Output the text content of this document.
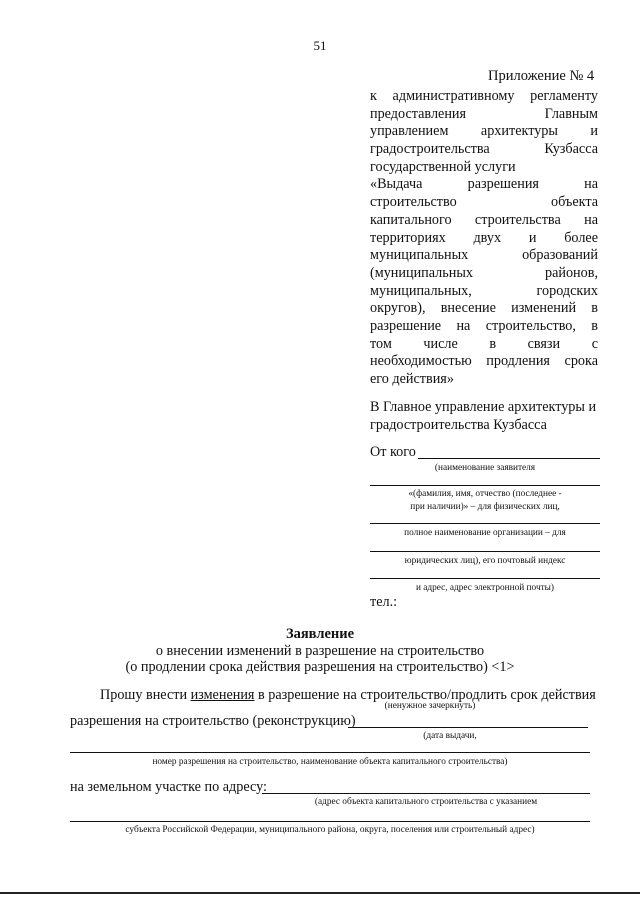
51
Приложение № 4
к административному регламенту
предоставления Главным
управлением архитектуры и
градостроительства Кузбасса
государственной услуги
«Выдача разрешения на
строительство объекта
капитального строительства на
территориях двух и более
муниципальных образований
(муниципальных районов,
муниципальных, городских
округов), внесение изменений в
разрешение на строительство, в
том числе в связи с
необходимостью продления срока
его действия»
В Главное управление архитектуры и градостроительства Кузбасса
От кого
(наименование заявителя
«(фамилия, имя, отчество (последнее -
при наличии)» – для физических лиц,
полное наименование организации – для
юридических лиц), его почтовый индекс
и адрес, адрес электронной почты)
тел.:
Заявление
о внесении изменений в разрешение на строительство
(о продлении срока действия разрешения на строительство) <1>
Прошу внести изменения в разрешение на строительство/продлить срок действия
(ненужное зачеркнуть)
разрешения на строительство (реконструкцию)
(дата выдачи,
номер разрешения на строительство, наименование объекта капитального строительства)
на земельном участке по адресу:
(адрес объекта капитального строительства с указанием
субъекта Российской Федерации, муниципального района, округа, поселения или строительный адрес)
